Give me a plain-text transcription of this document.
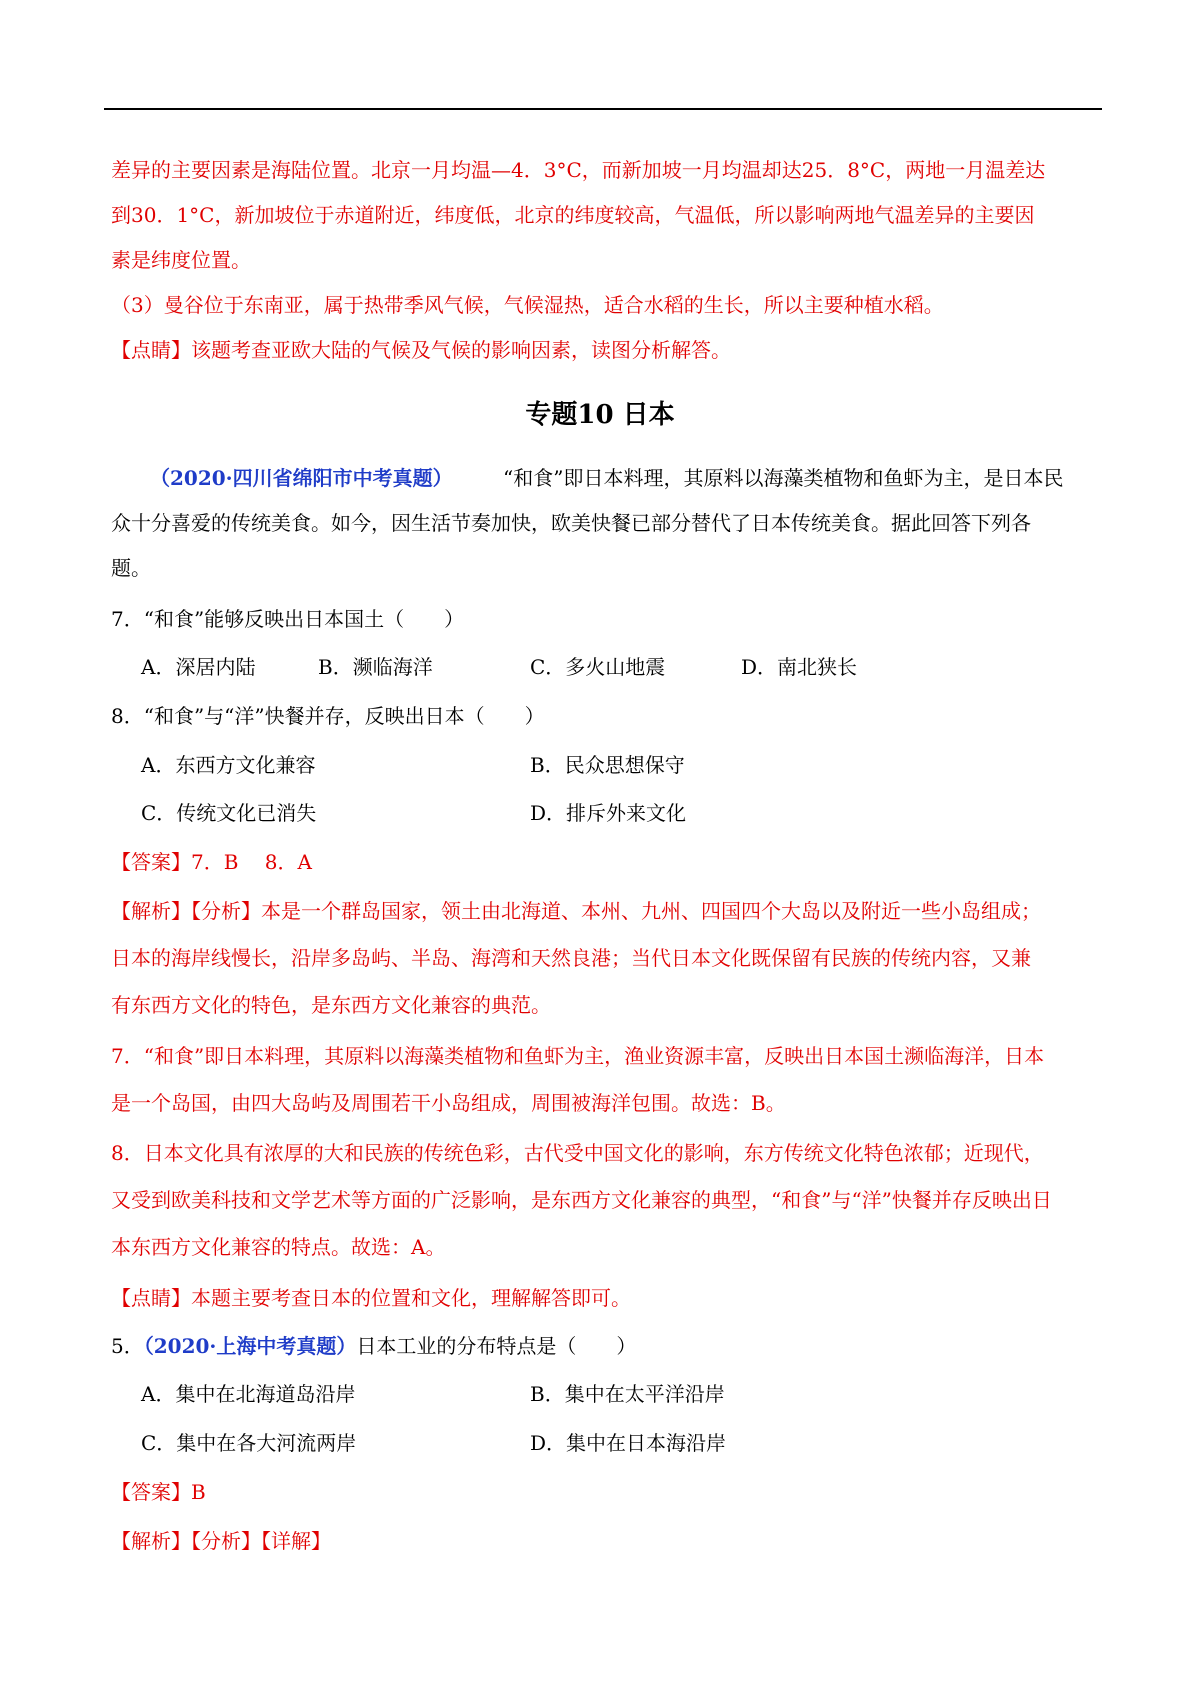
差异的主要因素是海陆位置。北京一月均温—4．3°C，而新加坡一月均温却达25．8°C，两地一月温差达
到30．1°C，新加坡位于赤道附近，纬度低，北京的纬度较高，气温低，所以影响两地气温差异的主要因
素是纬度位置。
（3）曼谷位于东南亚，属于热带季风气候，气候湿热，适合水稻的生长，所以主要种植水稻。
【点睛】该题考查亚欧大陆的气候及气候的影响因素，读图分析解答。
专题10 日本
（2020·四川省绵阳市中考真题）	“和食”即日本料理，其原料以海藻类植物和鱼虾为主，是日本民
众十分喜爱的传统美食。如今，因生活节奏加快，欧美快餐已部分替代了日本传统美食。据此回答下列各
题。
7．“和食”能够反映出日本国土（　　）
A．深居内陆	B．濒临海洋	C．多火山地震	D．南北狭长
8．“和食”与“洋”快餐并存，反映出日本（　　）
A．东西方文化兼容	B．民众思想保守
C．传统文化已消失	D．排斥外来文化
【答案】7．B　 8．A
【解析】【分析】本是一个群岛国家，领土由北海道、本州、九州、四国四个大岛以及附近一些小岛组成；
日本的海岸线慢长，沿岸多岛屿、半岛、海湾和天然良港；当代日本文化既保留有民族的传统内容，又兼
有东西方文化的特色，是东西方文化兼容的典范。
7．“和食”即日本料理，其原料以海藻类植物和鱼虾为主，渔业资源丰富，反映出日本国土濒临海洋，日本
是一个岛国，由四大岛屿及周围若干小岛组成，周围被海洋包围。故选：B。
8．日本文化具有浓厚的大和民族的传统色彩，古代受中国文化的影响，东方传统文化特色浓郁；近现代，
又受到欧美科技和文学艺术等方面的广泛影响，是东西方文化兼容的典型，“和食”与“洋”快餐并存反映出日
本东西方文化兼容的特点。故选：A。
【点睛】本题主要考查日本的位置和文化，理解解答即可。
5．（2020·上海中考真题）日本工业的分布特点是（　　）
A．集中在北海道岛沿岸	B．集中在太平洋沿岸
C．集中在各大河流两岸	D．集中在日本海沿岸
【答案】B
【解析】【分析】【详解】
